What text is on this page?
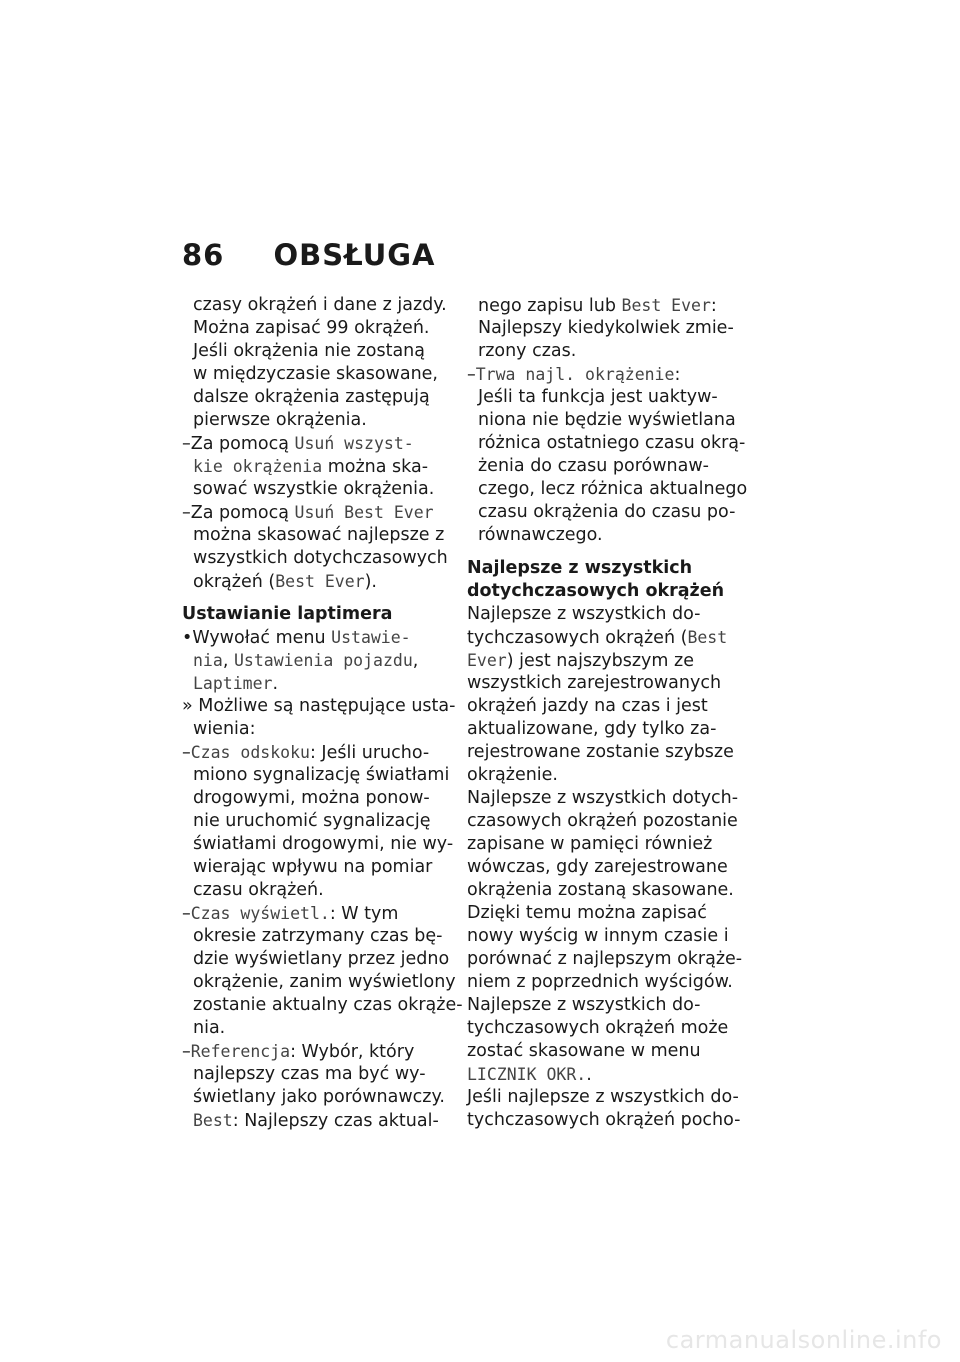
86 OBSŁUGA
czasy okrążeń i dane z jazdy.
Można zapisać 99 okrążeń.
Jeśli okrążenia nie zostaną
w międzyczasie skasowane,
dalsze okrążenia zastępują
pierwsze okrążenia.
–Za pomocą Usuń wszyst-
kie okrążenia można ska-
sować wszystkie okrążenia.
–Za pomocą Usuń Best Ever
można skasować najlepsze z
wszystkich dotychczasowych
okrążeń (Best Ever).
Ustawianie laptimera
•Wywołać menu Ustawie-
nia, Ustawienia pojazdu,
Laptimer.
» Możliwe są następujące usta-
wienia:
–Czas odskoku: Jeśli urucho-
miono sygnalizację światłami
drogowymi, można ponow-
nie uruchomić sygnalizację
światłami drogowymi, nie wy-
wierając wpływu na pomiar
czasu okrążeń.
–Czas wyświetl.: W tym
okresie zatrzymany czas bę-
dzie wyświetlany przez jedno
okrążenie, zanim wyświetlony
zostanie aktualny czas okrąże-
nia.
–Referencja: Wybór, który
najlepszy czas ma być wy-
świetlany jako porównawczy.
Best: Najlepszy czas aktual-
nego zapisu lub Best Ever:
Najlepszy kiedykolwiek zmie-
rzony czas.
–Trwa najl. okrążenie:
Jeśli ta funkcja jest uaktyw-
niona nie będzie wyświetlana
różnica ostatniego czasu okrą-
żenia do czasu porównaw-
czego, lecz różnica aktualnego
czasu okrążenia do czasu po-
równawczego.
Najlepsze z wszystkich
dotychczasowych okrążeń
Najlepsze z wszystkich do-
tychczasowych okrążeń (Best
Ever) jest najszybszym ze
wszystkich zarejestrowanych
okrążeń jazdy na czas i jest
aktualizowane, gdy tylko za-
rejestrowane zostanie szybsze
okrążenie.
Najlepsze z wszystkich dotych-
czasowych okrążeń pozostanie
zapisane w pamięci również
wówczas, gdy zarejestrowane
okrążenia zostaną skasowane.
Dzięki temu można zapisać
nowy wyścig w innym czasie i
porównać z najlepszym okrąże-
niem z poprzednich wyścigów.
Najlepsze z wszystkich do-
tychczasowych okrążeń może
zostać skasowane w menu
LICZNIK OKR..
Jeśli najlepsze z wszystkich do-
tychczasowych okrążeń pocho-
carmanualsonline.info
